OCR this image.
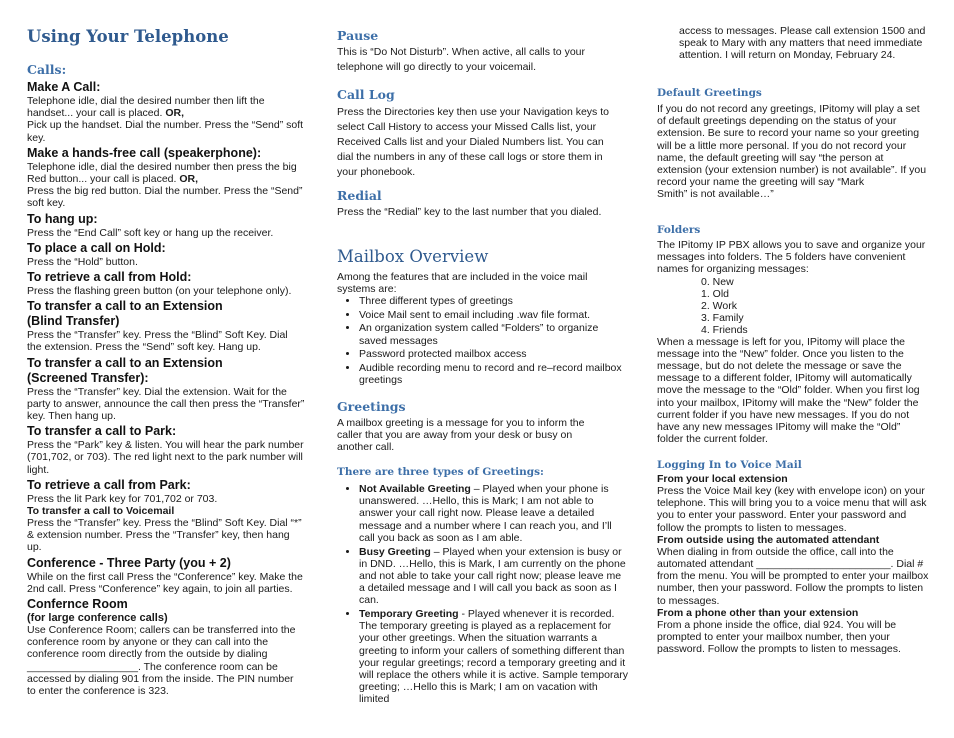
Using Your Telephone
Calls:
Make A Call:

Telephone idle, dial the desired number then lift the handset... your call is placed. OR,

Pick up the handset. Dial the number. Press the “Send” soft key.

Make a hands-free call (speakerphone):

Telephone idle, dial the desired number then press the big Red button... your call is placed. OR,

Press the big red button. Dial the number. Press the “Send” soft key.

To hang up:

Press the “End Call” soft key or hang up the receiver.

To place a call on Hold:

Press the “Hold” button.

To retrieve a call from Hold:

Press the flashing green button (on your telephone only).

To transfer a call to an Extension
(Blind Transfer)

Press the “Transfer” key. Press the “Blind” Soft Key. Dial the extension. Press the “Send” soft key. Hang up.

To transfer a call to an Extension
(Screened Transfer):

Press the “Transfer” key. Dial the extension. Wait for the party to answer, announce the call then press the “Transfer” key. Then hang up.

To transfer a call to Park:

Press the “Park” key & listen. You will hear the park number (701,702, or 703). The red light next to the park number will light.

To retrieve a call from Park:

Press the lit Park key for 701,702 or 703.

To transfer a call to Voicemail

Press the “Transfer” key. Press the “Blind” Soft Key. Dial “*” & extension number. Press the “Transfer” key, then hang up.

Conference - Three Party (you + 2)

While on the first call Press the “Conference” key. Make the 2nd call. Press “Conference” key again, to join all parties.

Confernce Room
(for large conference calls)

Use Conference Room; callers can be transferred into the conference room by anyone or they can call into the conference room directly from the outside by dialing ___________________. The conference room can be accessed by dialing 901 from the inside. The PIN number to enter the conference is 323.

Pause

This is “Do Not Disturb”. When active, all calls to your telephone will go directly to your voicemail.

Call Log

Press the Directories key then use your Navigation keys to select Call History to access your Missed Calls list, your Received Calls list and your Dialed Numbers list. You can dial the numbers in any of these call logs or store them in your phonebook.

Redial

Press the “Redial” key to the last number that you dialed.

Mailbox Overview

Among the features that are included in the voice mail systems are:

• Three different types of greetings
• Voice Mail sent to email including .wav file format.
• An organization system called “Folders” to organize saved messages
• Password protected mailbox access
• Audible recording menu to record and re–record mailbox greetings
Greetings

A mailbox greeting is a message for you to inform the caller that you are away from your desk or busy on another call.

There are three types of Greetings:
• Not Available Greeting – Played when your phone is unanswered. …Hello, this is Mark; I am not able to answer your call right now. Please leave a detailed message and a number where I can reach you, and I’ll call you back as soon as I am able.
• Busy Greeting – Played when your extension is busy or in DND. …Hello, this is Mark, I am currently on the phone and not able to take your call right now; please leave me a detailed message and I will call you back as soon as I can.
• Temporary Greeting - Played whenever it is recorded. The temporary greeting is played as a replacement for your other greetings. When the situation warrants a greeting to inform your callers of something different than your regular greetings; record a temporary greeting and it will replace the others while it is active. Sample temporary greeting; …Hello this is Mark; I am on vacation with limited

access to messages. Please call extension 1500 and speak to Mary with any matters that need immediate attention. I will return on Monday, February 24.

Default Greetings

If you do not record any greetings, IPitomy will play a set of default greetings depending on the status of your extension. Be sure to record your name so your greeting will be a little more personal. If you do not record your name, the default greeting will say “the person at extension (your extension number) is not available”. If you record your name the greeting will say “Mark
Smith” is not available…”

Folders

The IPitomy IP PBX allows you to save and organize your messages into folders. The 5 folders have convenient names for organizing messages:

0. New
1. Old
2. Work
3. Family
4. Friends

When a message is left for you, IPitomy will place the message into the “New” folder. Once you listen to the message, but do not delete the message or save the message to a different folder, IPitomy will automatically move the message to the “Old” folder. When you first log into your mailbox, IPitomy will make the “New” folder the current folder if you have new messages. If you do not have any new messages IPitomy will make the “Old” folder the current folder.

Logging In to Voice Mail
From your local extension

Press the Voice Mail key (key with envelope icon) on your telephone. This will bring you to a voice menu that will ask you to enter your password. Enter your password and follow the prompts to listen to messages.

From outside using the automated attendant

When dialing in from outside the office, call into the automated attendant _______________________. Dial # from the menu. You will be prompted to enter your mailbox number, then your password. Follow the prompts to listen to messages.

From a phone other than your extension

From a phone inside the office, dial 924. You will be prompted to enter your mailbox number, then your password. Follow the prompts to listen to messages.
